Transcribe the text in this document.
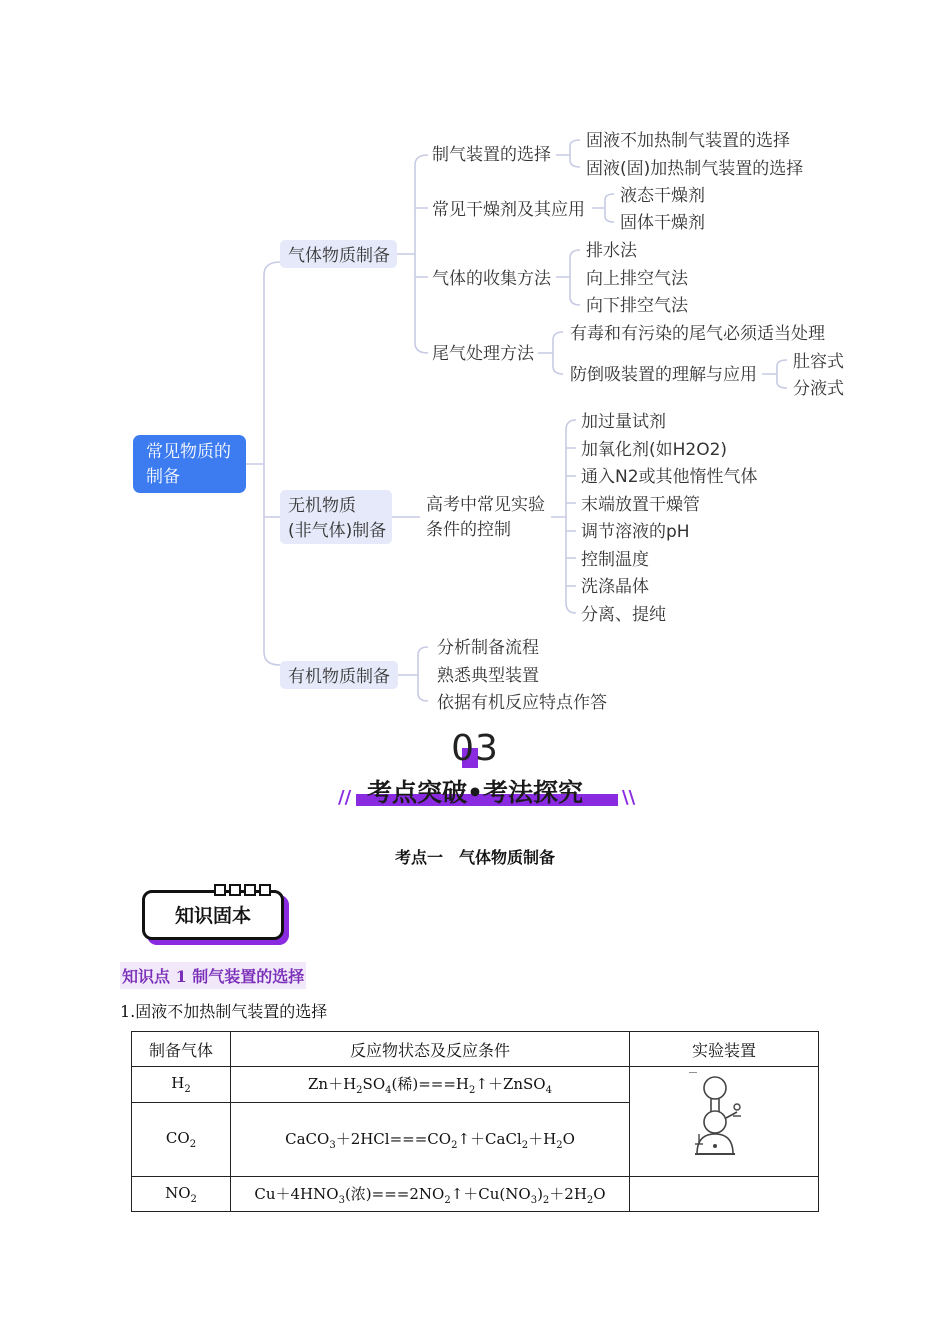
常见物质的
制备
气体物质制备
无机物质
(非气体)制备
有机物质制备
制气装置的选择
常见干燥剂及其应用
气体的收集方法
尾气处理方法
固液不加热制气装置的选择
固液(固)加热制气装置的选择
液态干燥剂
固体干燥剂
排水法
向上排空气法
向下排空气法
有毒和有污染的尾气必须适当处理
防倒吸装置的理解与应用
肚容式
分液式
高考中常见实验
条件的控制
加过量试剂
加氧化剂(如H2O2)
通入N2或其他惰性气体
末端放置干燥管
调节溶液的pH
控制温度
洗涤晶体
分离、提纯
分析制备流程
熟悉典型装置
依据有机反应特点作答
03
//	\\
考点突破•考法探究
考点一　气体物质制备
知识固本
知识点 1 制气装置的选择
1.固液不加热制气装置的选择
制备气体	反应物状态及反应条件	实验装置
$H_2$	$Zn+H_2SO_4$(稀)$===H_2↑+ZnSO_4$	
$CO_2$	$CaCO_3+2HCl===CO_2↑+CaCl_2+H_2O$	
$NO_2$	$Cu+4HNO_3$(浓)$===2NO_2↑+Cu(NO_3)_2+2H_2O$	
